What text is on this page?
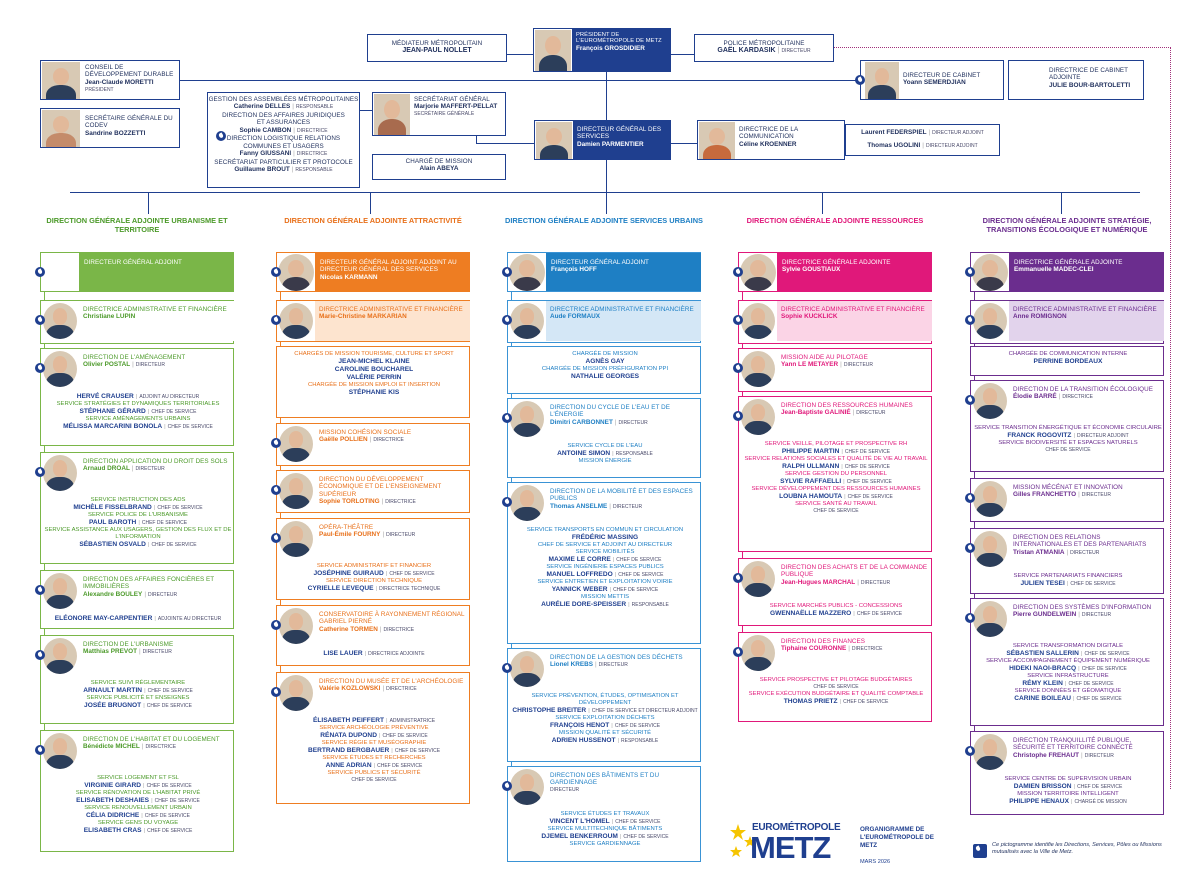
PRÉSIDENT DE L'EUROMÉTROPOLE DE METZ
François GROSDIDIER
MÉDIATEUR MÉTROPOLITAIN
JEAN-PAUL NOLLET
POLICE MÉTROPOLITAINE
GAËL KARDASIK | DIRECTEUR
CONSEIL DE DÉVELOPPEMENT DURABLE
Jean-Claude MORETTI
PRÉSIDENT
SECRÉTAIRE GÉNÉRALE DU CODEV
Sandrine BOZZETTI
DIRECTEUR DE CABINET
Yoann SEMERDJIAN
DIRECTRICE DE CABINET ADJOINTE
JULIE BOUR-BARTOLETTI
GESTION DES ASSEMBLÉES MÉTROPOLITAINES
Catherine DELLES | RESPONSABLE
DIRECTION DES AFFAIRES JURIDIQUES ET ASSURANCES
Sophie CAMBON | DIRECTRICE
DIRECTION LOGISTIQUE RELATIONS COMMUNES ET USAGERS
Fanny GIUSSANI | DIRECTRICE
SECRÉTARIAT PARTICULIER ET PROTOCOLE
Guillaume BROUT | RESPONSABLE
SECRÉTARIAT GÉNÉRAL
Marjorie MAFFERT-PELLAT
SECRÉTAIRE GÉNÉRALE
CHARGÉ DE MISSION
Alain ABEYA
DIRECTEUR GÉNÉRAL DES SERVICES
Damien PARMENTIER
DIRECTRICE DE LA COMMUNICATION
Céline KROENNER
Laurent FEDERSPIEL | DIRECTEUR ADJOINT
Thomas UGOLINI | DIRECTEUR ADJOINT
DIRECTION GÉNÉRALE ADJOINTE URBANISME ET TERRITOIRE
DIRECTEUR GÉNÉRAL ADJOINT
DIRECTRICE ADMINISTRATIVE ET FINANCIÈRE
Christiane LUPIN
DIRECTION DE L'AMÉNAGEMENT
Olivier POSTAL | DIRECTEUR
HERVÉ CRAUSER | ADJOINT AU DIRECTEUR
SERVICE STRATÉGIES ET DYNAMIQUES TERRITORIALES
STÉPHANE GÉRARD | CHEF DE SERVICE
SERVICE AMÉNAGEMENTS URBAINS
MÉLISSA MARCARINI BONOLA | CHEF DE SERVICE
DIRECTION APPLICATION DU DROIT DES SOLS
Arnaud DROAL | DIRECTEUR
SERVICE INSTRUCTION DES ADS
MICHÈLE FISSELBRAND | CHEF DE SERVICE
SERVICE POLICE DE L'URBANISME
PAUL BAROTH | CHEF DE SERVICE
SERVICE ASSISTANCE AUX USAGERS, GESTION DES FLUX ET DE L'INFORMATION
SÉBASTIEN OSVALD | CHEF DE SERVICE
DIRECTION DES AFFAIRES FONCIÈRES ET IMMOBILIÈRES
Alexandre BOULEY | DIRECTEUR
ELÉONORE MAY-CARPENTIER | ADJOINTE AU DIRECTEUR
DIRECTION DE L'URBANISME
Matthias PREVOT | DIRECTEUR
SERVICE SUIVI RÉGLEMENTAIRE
ARNAULT MARTIN | CHEF DE SERVICE
SERVICE PUBLICITÉ ET ENSEIGNES
JOSÉE BRUGNOT | CHEF DE SERVICE
DIRECTION DE L'HABITAT ET DU LOGEMENT
Bénédicte MICHEL | DIRECTRICE
SERVICE LOGEMENT ET FSL
VIRGINIE GIRARD | CHEF DE SERVICE
SERVICE RÉNOVATION DE L'HABITAT PRIVÉ
ELISABETH DESHAIES | CHEF DE SERVICE
SERVICE RENOUVELLEMENT URBAIN
CÉLIA DIDRICHE | CHEF DE SERVICE
SERVICE GENS DU VOYAGE
ELISABETH CRAS | CHEF DE SERVICE
DIRECTION GÉNÉRALE ADJOINTE ATTRACTIVITÉ
DIRECTEUR GÉNÉRAL ADJOINT ADJOINT AU DIRECTEUR GÉNÉRAL DES SERVICES
Nicolas KARMANN
DIRECTRICE ADMINISTRATIVE ET FINANCIÈRE
Marie-Christine MARKARIAN
CHARGÉS DE MISSION TOURISME, CULTURE ET SPORT
JEAN-MICHEL KLAINE
CAROLINE BOUCHAREL
VALÉRIE PERRIN
CHARGÉE DE MISSION EMPLOI ET INSERTION
STÉPHANIE KIS
MISSION COHÉSION SOCIALE
Gaëlle POLLIEN | DIRECTRICE
DIRECTION DU DÉVELOPPEMENT ÉCONOMIQUE ET DE L'ENSEIGNEMENT SUPÉRIEUR
Sophie TORLOTING | DIRECTRICE
OPÉRA-THÉÂTRE
Paul-Émile FOURNY | DIRECTEUR
SERVICE ADMINISTRATIF ET FINANCIER
JOSÉPHINE GUIRAUD | CHEF DE SERVICE
SERVICE DIRECTION TECHNIQUE
CYRIELLE LEVEQUE | DIRECTRICE TECHNIQUE
CONSERVATOIRE À RAYONNEMENT RÉGIONAL GABRIEL PIERNÉ
Catherine TORMEN | DIRECTRICE
LISE LAUER | DIRECTRICE ADJOINTE
DIRECTION DU MUSÉE ET DE L'ARCHÉOLOGIE
Valérie KOZLOWSKI | DIRECTRICE
ÉLISABETH PEIFFERT | ADMINISTRATRICE
SERVICE ARCHÉOLOGIE PRÉVENTIVE
RÉNATA DUPOND | CHEF DE SERVICE
SERVICE RÉGIE ET MUSÉOGRAPHIE
BERTRAND BERGBAUER | CHEF DE SERVICE
SERVICE ÉTUDES ET RECHERCHES
ANNE ADRIAN | CHEF DE SERVICE
SERVICE PUBLICS ET SÉCURITÉ
CHEF DE SERVICE
DIRECTION GÉNÉRALE ADJOINTE SERVICES URBAINS
DIRECTEUR GÉNÉRAL ADJOINT
François HOFF
DIRECTRICE ADMINISTRATIVE ET FINANCIÈRE
Aude FORMAUX
CHARGÉE DE MISSION
AGNÈS GAY
CHARGÉE DE MISSION PRÉFIGURATION PPI
NATHALIE GEORGES
DIRECTION DU CYCLE DE L'EAU ET DE L'ÉNERGIE
Dimitri CARBONNET | DIRECTEUR
SERVICE CYCLE DE L'EAU
ANTOINE SIMON | RESPONSABLE
MISSION ÉNERGIE
DIRECTION DE LA MOBILITÉ ET DES ESPACES PUBLICS
Thomas ANSELME | DIRECTEUR
SERVICE TRANSPORTS EN COMMUN ET CIRCULATION
FRÉDÉRIC MASSING
CHEF DE SERVICE ET ADJOINT AU DIRECTEUR
SERVICE MOBILITÉS
MAXIME LE CORRE | CHEF DE SERVICE
SERVICE INGÉNIERIE ESPACES PUBLICS
MANUEL LOFFREDO | CHEF DE SERVICE
SERVICE ENTRETIEN ET EXPLOITATION VOIRIE
YANNICK WEBER | CHEF DE SERVICE
MISSION METTIS
AURÉLIE DORE-SPEISSER | RESPONSABLE
DIRECTION DE LA GESTION DES DÉCHETS
Lionel KREBS | DIRECTEUR
SERVICE PRÉVENTION, ÉTUDES, OPTIMISATION ET DÉVELOPPEMENT
CHRISTOPHE BREITER | CHEF DE SERVICE ET DIRECTEUR ADJOINT
SERVICE EXPLOITATION DÉCHETS
FRANÇOIS HENOT | CHEF DE SERVICE
MISSION QUALITÉ ET SÉCURITÉ
ADRIEN HUSSENOT | RESPONSABLE
DIRECTION DES BÂTIMENTS ET DU GARDIENNAGE
DIRECTEUR
SERVICE ÉTUDES ET TRAVAUX
VINCENT L'HOMEL | CHEF DE SERVICE
SERVICE MULTITECHNIQUE BÂTIMENTS
DJEMEL BENKERROUM | CHEF DE SERVICE
SERVICE GARDIENNAGE
DIRECTION GÉNÉRALE ADJOINTE RESSOURCES
DIRECTRICE GÉNÉRALE ADJOINTE
Sylvie GOUSTIAUX
DIRECTRICE ADMINISTRATIVE ET FINANCIÈRE
Sophie KUCKLICK
MISSION AIDE AU PILOTAGE
Yann LE METAYER | DIRECTEUR
DIRECTION DES RESSOURCES HUMAINES
Jean-Baptiste GALINIÉ | DIRECTEUR
SERVICE VEILLE, PILOTAGE ET PROSPECTIVE RH
PHILIPPE MARTIN | CHEF DE SERVICE
SERVICE RELATIONS SOCIALES ET QUALITÉ DE VIE AU TRAVAIL
RALPH ULLMANN | CHEF DE SERVICE
SERVICE GESTION DU PERSONNEL
SYLVIE RAFFAELLI | CHEF DE SERVICE
SERVICE DÉVELOPPEMENT DES RESSOURCES HUMAINES
LOUBNA HAMOUTA | CHEF DE SERVICE
SERVICE SANTÉ AU TRAVAIL
CHEF DE SERVICE
DIRECTION DES ACHATS ET DE LA COMMANDE PUBLIQUE
Jean-Hugues MARCHAL | DIRECTEUR
SERVICE MARCHÉS PUBLICS - CONCESSIONS
GWENNAËLLE MAZZERO | CHEF DE SERVICE
DIRECTION DES FINANCES
Tiphaine COURONNE | DIRECTRICE
SERVICE PROSPECTIVE ET PILOTAGE BUDGÉTAIRES
CHEF DE SERVICE
SERVICE EXÉCUTION BUDGÉTAIRE ET QUALITÉ COMPTABLE
THOMAS PRIETZ | CHEF DE SERVICE
DIRECTION GÉNÉRALE ADJOINTE STRATÉGIE, TRANSITIONS ÉCOLOGIQUE ET NUMÉRIQUE
DIRECTRICE GÉNÉRALE ADJOINTE
Emmanuelle MADEC-CLEI
DIRECTRICE ADMINISTRATIVE ET FINANCIÈRE
Anne ROMIGNON
CHARGÉE DE COMMUNICATION INTERNE
PERRINE BORDEAUX
DIRECTION DE LA TRANSITION ÉCOLOGIQUE
Élodie BARRÉ | DIRECTRICE
SERVICE TRANSITION ÉNERGÉTIQUE ET ÉCONOMIE CIRCULAIRE
FRANCK ROGOVITZ | DIRECTEUR ADJOINT
SERVICE BIODIVERSITÉ ET ESPACES NATURELS
CHEF DE SERVICE
MISSION MÉCÉNAT ET INNOVATION
Gilles FRANCHETTO | DIRECTEUR
DIRECTION DES RELATIONS INTERNATIONALES ET DES PARTENARIATS
Tristan ATMANIA | DIRECTEUR
SERVICE PARTENARIATS FINANCIERS
JULIEN TESEI | CHEF DE SERVICE
DIRECTION DES SYSTÈMES D'INFORMATION
Pierre GUNDELWEIN | DIRECTEUR
SERVICE TRANSFORMATION DIGITALE
SÉBASTIEN SALLERIN | CHEF DE SERVICE
SERVICE ACCOMPAGNEMENT ÉQUIPEMENT NUMÉRIQUE
HIDEKI NAOI-BRACQ | CHEF DE SERVICE
SERVICE INFRASTRUCTURE
RÉMY KLEIN | CHEF DE SERVICE
SERVICE DONNÉES ET GÉOMATIQUE
CARINE BOILEAU | CHEF DE SERVICE
DIRECTION TRANQUILLITÉ PUBLIQUE, SÉCURITÉ ET TERRITOIRE CONNECTÉ
Christophe FREHAUT | DIRECTEUR
SERVICE CENTRE DE SUPERVISION URBAIN
DAMIEN BRISSON | CHEF DE SERVICE
MISSION TERRITOIRE INTELLIGENT
PHILIPPE HENAUX | CHARGÉ DE MISSION
EUROMÉTROPOLE
METZ
ORGANIGRAMME DE L'EUROMÉTROPOLE DE METZ
MARS 2026
Ce pictogramme identifie les Directions, Services, Pôles ou Missions mutualisés avec la Ville de Metz.
